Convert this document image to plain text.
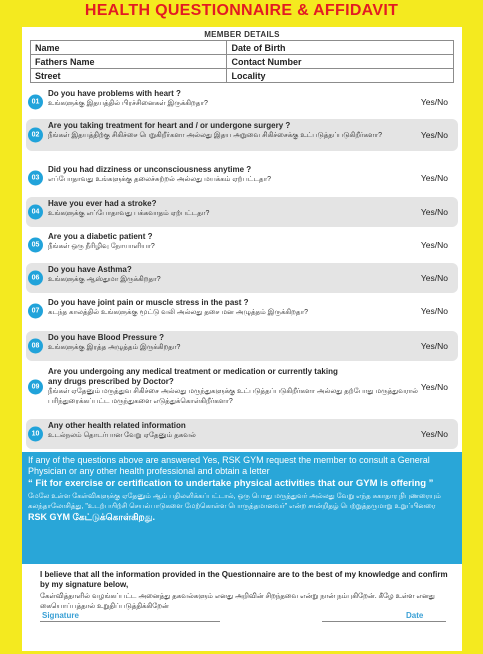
HEALTH QUESTIONNAIRE & AFFIDAVIT
MEMBER DETAILS
Name	Date of Birth
Fathers Name	Contact Number
Street	Locality
01
Do you have problems with heart ?
உங்களுக்கு இதயத்தில் பிரச்சினைகள் இருக்கிறதா?	Yes/No
02
Are you taking treatment for heart and / or undergone surgery ?
நீங்கள் இதயத்திற்கு சிகிச்சை பெறுகிறீர்களா அல்லது இதய அறுவை சிகிச்சைக்கு உட்படுத்தப்படுகிறீர்களா?	Yes/No
03
Did you had dizziness or unconsciousness anytime ?
எப்போதாவது உங்களுக்கு தலைச்சுற்றல் அல்லது மயக்கம் ஏற்பட்டதா?	Yes/No
04
Have you ever had a stroke?
உங்களுக்கு எப்போதாவது பக்கவாதம் ஏற்பட்டதா?	Yes/No
05
Are you a diabetic patient ?
நீங்கள் ஒரு நீரிழிவு நோயாளியா?	Yes/No
06
Do you have Asthma?
உங்களுக்கு ஆஸ்துமா இருக்கிறதா?	Yes/No
07
Do you have joint pain or muscle stress in the past ?
கடந்த காலத்தில் உங்களுக்கு மூட்டு வலி அல்லது தசை மன அழுத்தம் இருக்கிறதா?	Yes/No
08
Do you have Blood Pressure ?
உங்களுக்கு இரத்த அழுத்தம் இருக்கிறதா?	Yes/No
09
Are you undergoing any medical treatment or medication or currently taking any drugs prescribed by Doctor?
நீங்கள் ஏதேனும் மருத்துவ சிகிச்சை அல்லது மருந்துகளுக்கு உட்படுத்தப்படுகிறீர்களா அல்லது தற்போது மருத்துவரால் பரிந்துரைக்கப்பட்ட மருந்துகளை எடுத்துக்கொள்கிறீர்களா?
Yes/No
10
Any other health related information
உடல்நலம் தொடர்பான வேறு ஏதேனும் தகவல்	Yes/No
If any of the questions above are answered Yes, RSK GYM request the member to consult a General Physician or any other health professional and obtain a letter
“ Fit for exercise or certification to undertake physical activities that our GYM is offering ”
மேலே உள்ள கேள்விகளுக்கு ஏதேனும் ஆம் பதிலளிக்கப்பட்டால், ஒரு பொது மருத்துவர் அல்லது வேறு எந்த சுகாதார நிபுணரையும் கலந்தாலோசித்து, "உடற்பயிற்சி செயல்பாடுகளை மேற்கொள்ள பொருத்தமானவர்" என்ற சான்றிதழ் பெற்றுத்தருமாறு உறுப்பினரை
RSK GYM கேட்டுக்கொள்கிறது.
I believe that all the information provided in the Questionnaire are to the best of my knowledge and confirm by my signature below,
கேள்வித்தாளில் வழங்கப்பட்ட அனைத்து தகவல்களும் எனது அறிவின் சிறந்தவை என்று நான் நம்புகிறேன். கீழே உள்ள எனது கையொப்பத்தால் உறுதிப்படுத்திக்கிறேன்
Signature	Date
